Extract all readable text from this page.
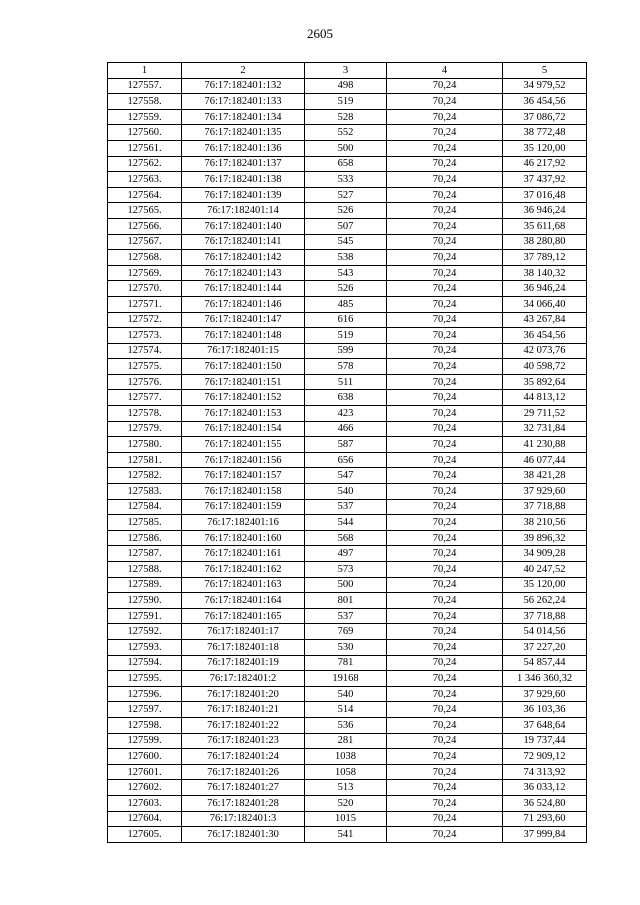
2605
1	2	3	4	5
127557.	76:17:182401:132	498	70,24	34 979,52
127558.	76:17:182401:133	519	70,24	36 454,56
127559.	76:17:182401:134	528	70,24	37 086,72
127560.	76:17:182401:135	552	70,24	38 772,48
127561.	76:17:182401:136	500	70,24	35 120,00
127562.	76:17:182401:137	658	70,24	46 217,92
127563.	76:17:182401:138	533	70,24	37 437,92
127564.	76:17:182401:139	527	70,24	37 016,48
127565.	76:17:182401:14	526	70,24	36 946,24
127566.	76:17:182401:140	507	70,24	35 611,68
127567.	76:17:182401:141	545	70,24	38 280,80
127568.	76:17:182401:142	538	70,24	37 789,12
127569.	76:17:182401:143	543	70,24	38 140,32
127570.	76:17:182401:144	526	70,24	36 946,24
127571.	76:17:182401:146	485	70,24	34 066,40
127572.	76:17:182401:147	616	70,24	43 267,84
127573.	76:17:182401:148	519	70,24	36 454,56
127574.	76:17:182401:15	599	70,24	42 073,76
127575.	76:17:182401:150	578	70,24	40 598,72
127576.	76:17:182401:151	511	70,24	35 892,64
127577.	76:17:182401:152	638	70,24	44 813,12
127578.	76:17:182401:153	423	70,24	29 711,52
127579.	76:17:182401:154	466	70,24	32 731,84
127580.	76:17:182401:155	587	70,24	41 230,88
127581.	76:17:182401:156	656	70,24	46 077,44
127582.	76:17:182401:157	547	70,24	38 421,28
127583.	76:17:182401:158	540	70,24	37 929,60
127584.	76:17:182401:159	537	70,24	37 718,88
127585.	76:17:182401:16	544	70,24	38 210,56
127586.	76:17:182401:160	568	70,24	39 896,32
127587.	76:17:182401:161	497	70,24	34 909,28
127588.	76:17:182401:162	573	70,24	40 247,52
127589.	76:17:182401:163	500	70,24	35 120,00
127590.	76:17:182401:164	801	70,24	56 262,24
127591.	76:17:182401:165	537	70,24	37 718,88
127592.	76:17:182401:17	769	70,24	54 014,56
127593.	76:17:182401:18	530	70,24	37 227,20
127594.	76:17:182401:19	781	70,24	54 857,44
127595.	76:17:182401:2	19168	70,24	1 346 360,32
127596.	76:17:182401:20	540	70,24	37 929,60
127597.	76:17:182401:21	514	70,24	36 103,36
127598.	76:17:182401:22	536	70,24	37 648,64
127599.	76:17:182401:23	281	70,24	19 737,44
127600.	76:17:182401:24	1038	70,24	72 909,12
127601.	76:17:182401:26	1058	70,24	74 313,92
127602.	76:17:182401:27	513	70,24	36 033,12
127603.	76:17:182401:28	520	70,24	36 524,80
127604.	76:17:182401:3	1015	70,24	71 293,60
127605.	76:17:182401:30	541	70,24	37 999,84
